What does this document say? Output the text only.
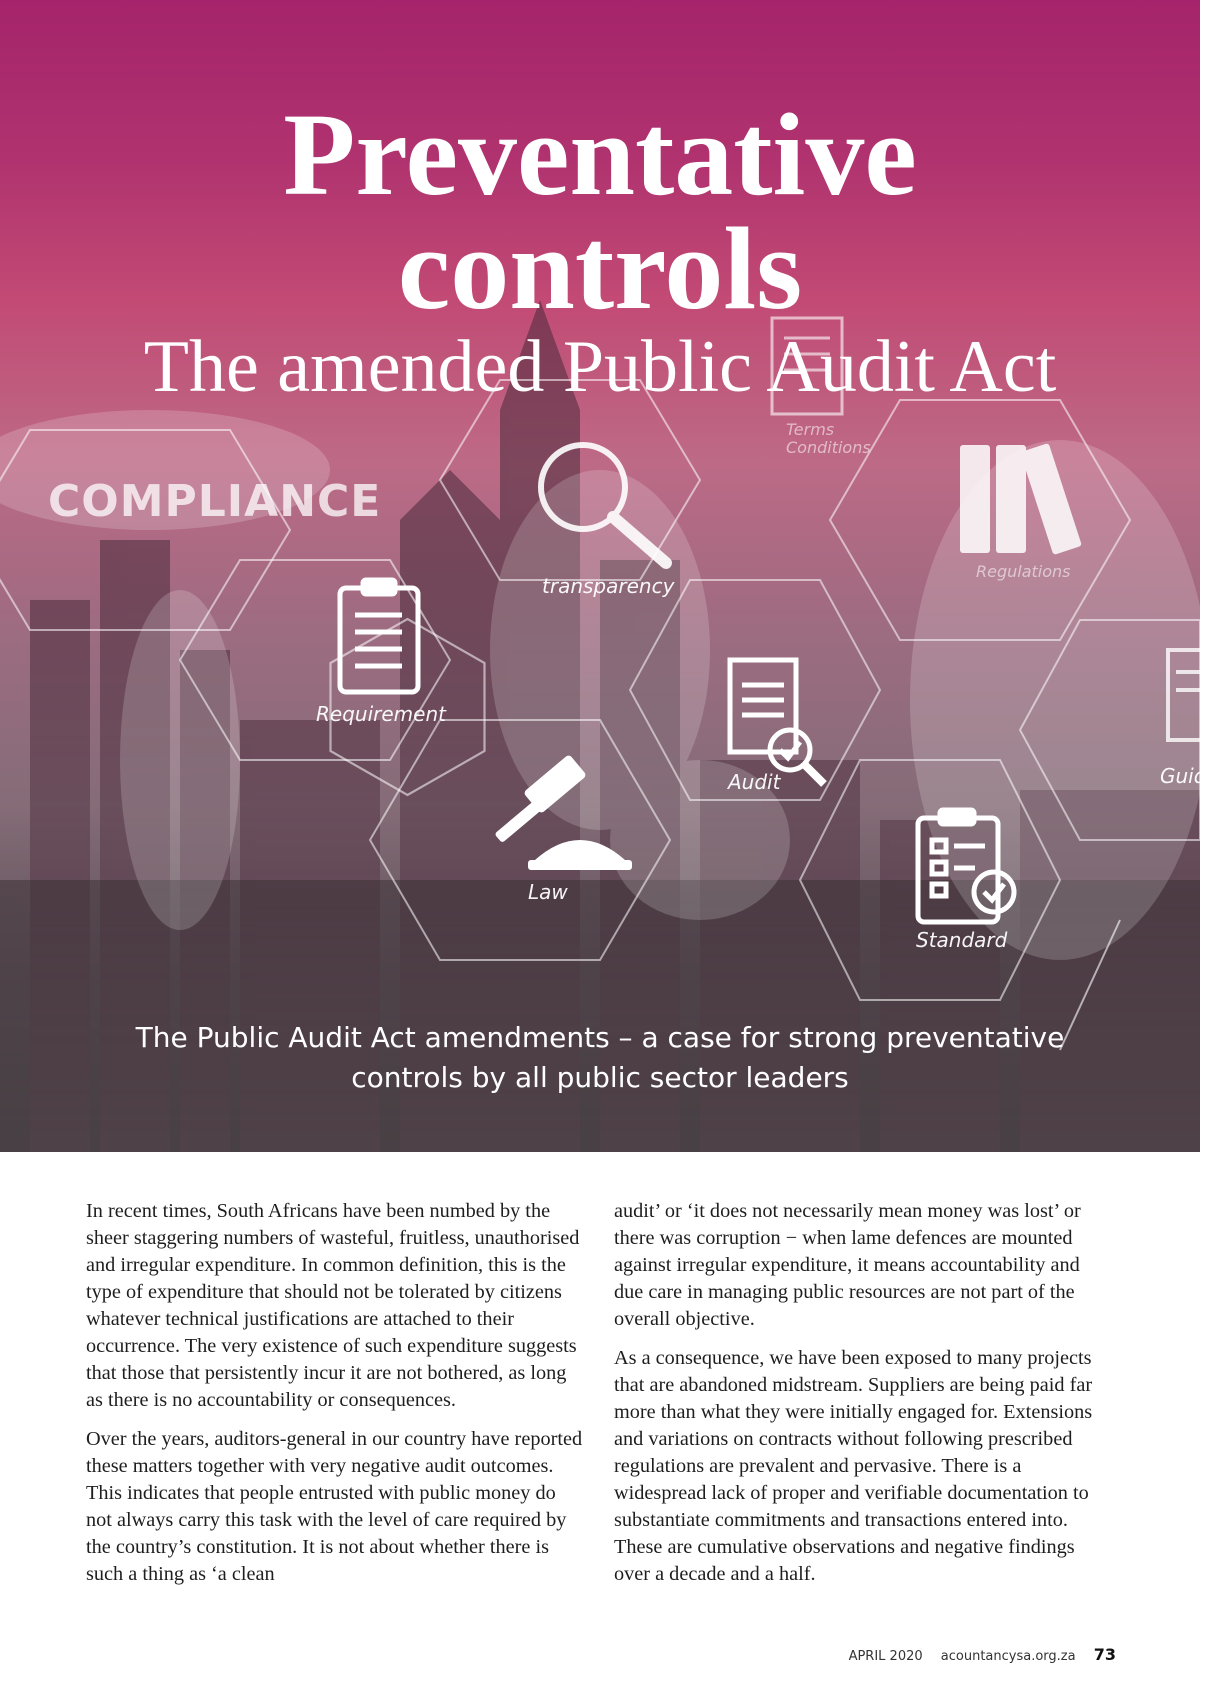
COMPLIANCE
Terms
Conditions
Regulations
transparency
Requirement
Audit
Law
Standard
Guid
Preventative
controls
The amended Public Audit Act
The Public Audit Act amendments – a case for strong preventative
controls by all public sector leaders

In recent times, South Africans have been numbed by the sheer staggering numbers of wasteful, fruitless, unauthorised and irregular expenditure. In common definition, this is the type of expenditure that should not be tolerated by citizens whatever technical justifications are attached to their occurrence. The very existence of such expenditure suggests that those that persistently incur it are not bothered, as long as there is no accountability or consequences.

Over the years, auditors-general in our country have reported these matters together with very negative audit outcomes. This indicates that people entrusted with public money do not always carry this task with the level of care required by the country’s constitution. It is not about whether there is such a thing as ‘a clean

audit’ or ‘it does not necessarily mean money was lost’ or there was corruption − when lame defences are mounted against irregular expenditure, it means accountability and due care in managing public resources are not part of the overall objective.

As a consequence, we have been exposed to many projects that are abandoned midstream. Suppliers are being paid far more than what they were initially engaged for. Extensions and variations on contracts without following prescribed regulations are prevalent and pervasive. There is a widespread lack of proper and verifiable documentation to substantiate commitments and transactions entered into. These are cumulative observations and negative findings over a decade and a half.

APRIL 2020 acountancysa.org.za 73
